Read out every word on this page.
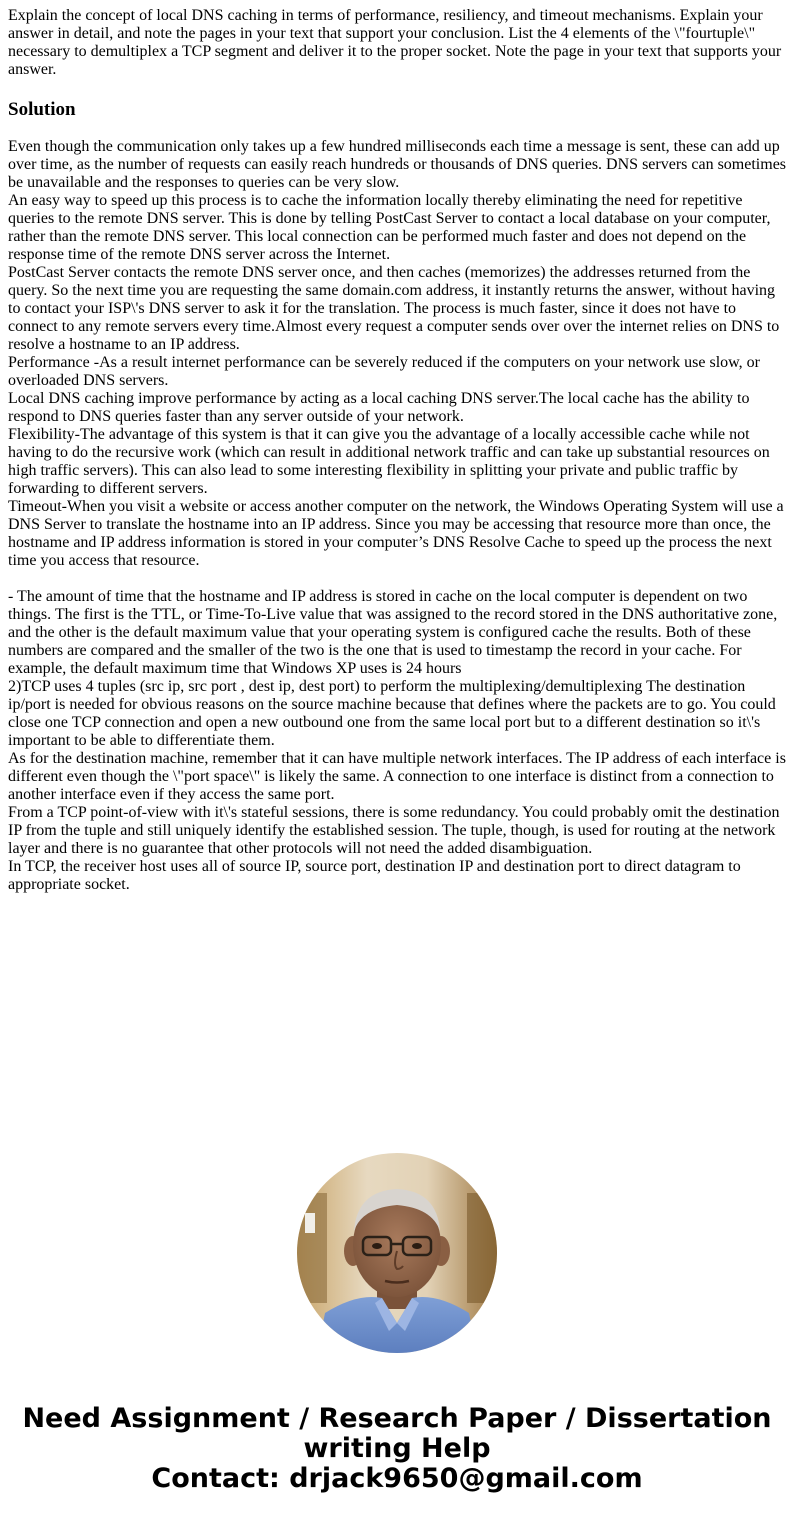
Explain the concept of local DNS caching in terms of performance, resiliency, and timeout mechanisms. Explain your answer in detail, and note the pages in your text that support your conclusion. List the 4 elements of the \"fourtuple\" necessary to demultiplex a TCP segment and deliver it to the proper socket. Note the page in your text that supports your answer.

Solution

Even though the communication only takes up a few hundred milliseconds each time a message is sent, these can add up over time, as the number of requests can easily reach hundreds or thousands of DNS queries. DNS servers can sometimes be unavailable and the responses to queries can be very slow.

An easy way to speed up this process is to cache the information locally thereby eliminating the need for repetitive queries to the remote DNS server. This is done by telling PostCast Server to contact a local database on your computer, rather than the remote DNS server. This local connection can be performed much faster and does not depend on the response time of the remote DNS server across the Internet.

PostCast Server contacts the remote DNS server once, and then caches (memorizes) the addresses returned from the query. So the next time you are requesting the same domain.com address, it instantly returns the answer, without having to contact your ISP\'s DNS server to ask it for the translation. The process is much faster, since it does not have to connect to any remote servers every time.Almost every request a computer sends over over the internet relies on DNS to resolve a hostname to an IP address.

Performance -As a result internet performance can be severely reduced if the computers on your network use slow, or overloaded DNS servers.

Local DNS caching improve performance by acting as a local caching DNS server.The local cache has the ability to respond to DNS queries faster than any server outside of your network.

Flexibility-The advantage of this system is that it can give you the advantage of a locally accessible cache while not having to do the recursive work (which can result in additional network traffic and can take up substantial resources on high traffic servers). This can also lead to some interesting flexibility in splitting your private and public traffic by forwarding to different servers.

Timeout-When you visit a website or access another computer on the network, the Windows Operating System will use a DNS Server to translate the hostname into an IP address. Since you may be accessing that resource more than once, the hostname and IP address information is stored in your computer’s DNS Resolve Cache to speed up the process the next time you access that resource.

- The amount of time that the hostname and IP address is stored in cache on the local computer is dependent on two things. The first is the TTL, or Time-To-Live value that was assigned to the record stored in the DNS authoritative zone, and the other is the default maximum value that your operating system is configured cache the results. Both of these numbers are compared and the smaller of the two is the one that is used to timestamp the record in your cache. For example, the default maximum time that Windows XP uses is 24 hours

2)TCP uses 4 tuples (src ip, src port , dest ip, dest port) to perform the multiplexing/demultiplexing The destination ip/port is needed for obvious reasons on the source machine because that defines where the packets are to go. You could close one TCP connection and open a new outbound one from the same local port but to a different destination so it\'s important to be able to differentiate them.

As for the destination machine, remember that it can have multiple network interfaces. The IP address of each interface is different even though the \"port space\" is likely the same. A connection to one interface is distinct from a connection to another interface even if they access the same port.

From a TCP point-of-view with it\'s stateful sessions, there is some redundancy. You could probably omit the destination IP from the tuple and still uniquely identify the established session. The tuple, though, is used for routing at the network layer and there is no guarantee that other protocols will not need the added disambiguation.

In TCP, the receiver host uses all of source IP, source port, destination IP and destination port to direct datagram to appropriate socket.

Need Assignment / Research Paper / Dissertation
writing Help
Contact: drjack9650@gmail.com
